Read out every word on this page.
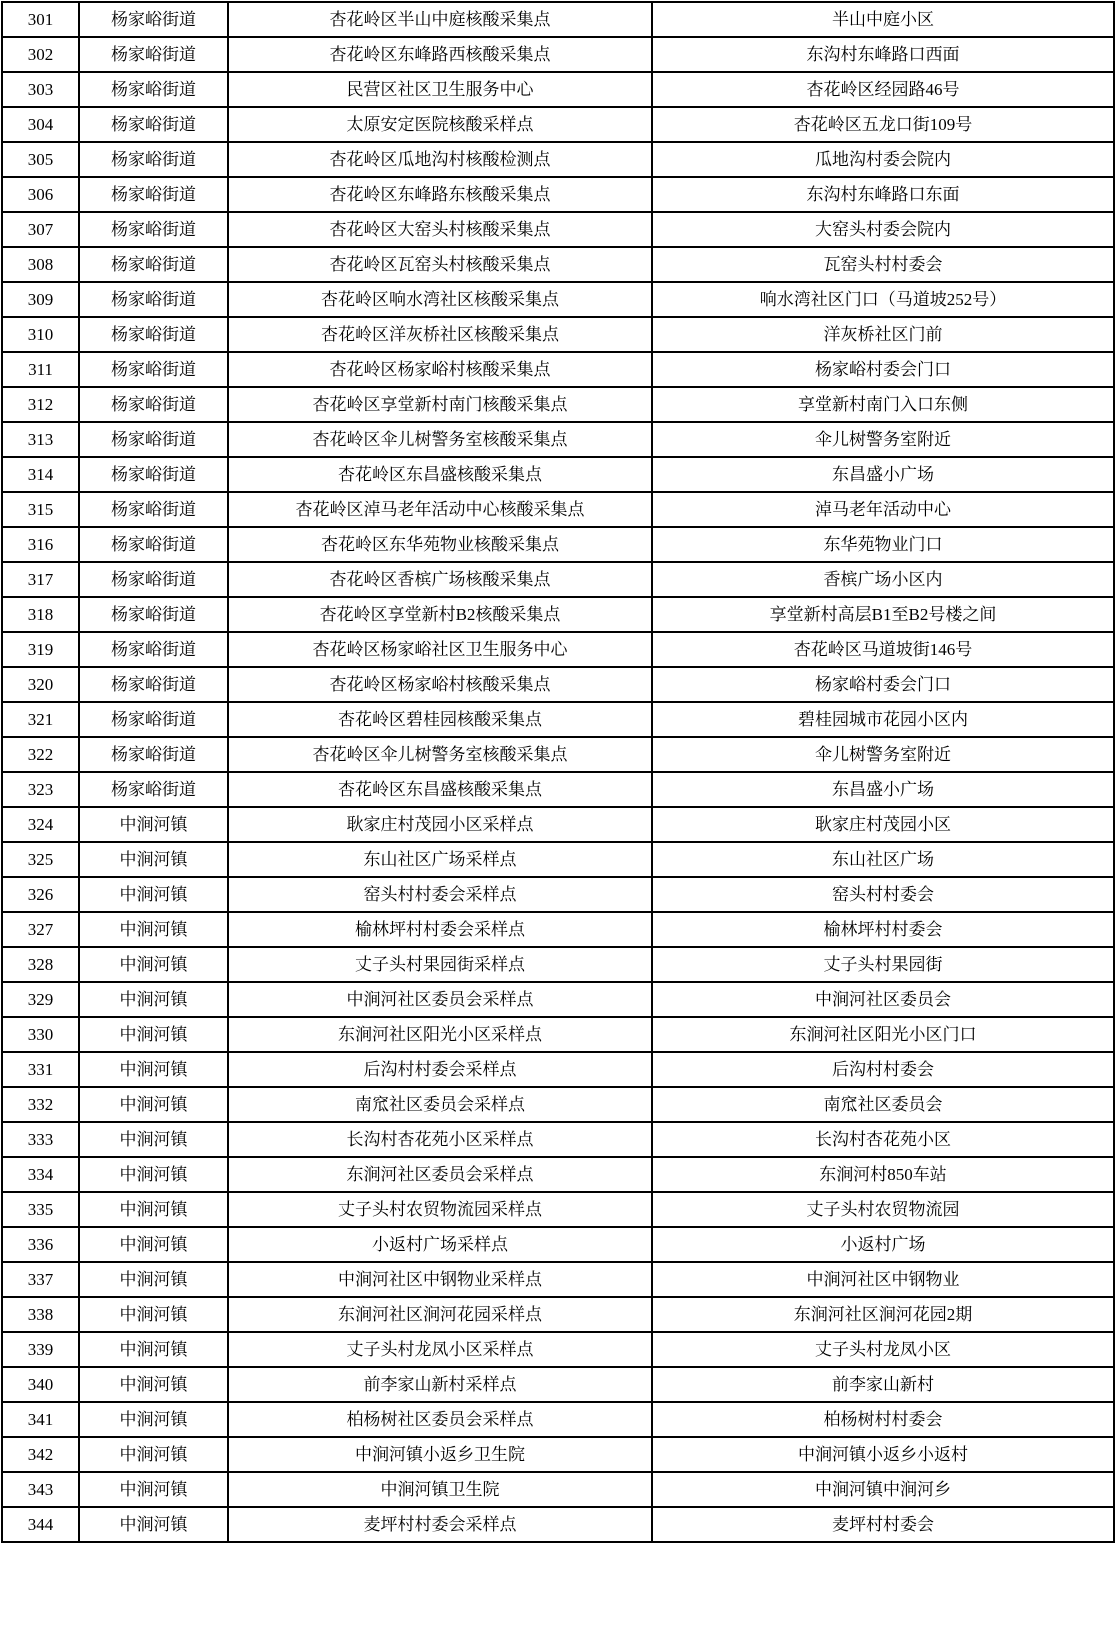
301	杨家峪街道	杏花岭区半山中庭核酸采集点	半山中庭小区
302	杨家峪街道	杏花岭区东峰路西核酸采集点	东沟村东峰路口西面
303	杨家峪街道	民营区社区卫生服务中心	杏花岭区经园路46号
304	杨家峪街道	太原安定医院核酸采样点	杏花岭区五龙口街109号
305	杨家峪街道	杏花岭区瓜地沟村核酸检测点	瓜地沟村委会院内
306	杨家峪街道	杏花岭区东峰路东核酸采集点	东沟村东峰路口东面
307	杨家峪街道	杏花岭区大窑头村核酸采集点	大窑头村委会院内
308	杨家峪街道	杏花岭区瓦窑头村核酸采集点	瓦窑头村村委会
309	杨家峪街道	杏花岭区响水湾社区核酸采集点	响水湾社区门口（马道坡252号）
310	杨家峪街道	杏花岭区洋灰桥社区核酸采集点	洋灰桥社区门前
311	杨家峪街道	杏花岭区杨家峪村核酸采集点	杨家峪村委会门口
312	杨家峪街道	杏花岭区享堂新村南门核酸采集点	享堂新村南门入口东侧
313	杨家峪街道	杏花岭区伞儿树警务室核酸采集点	伞儿树警务室附近
314	杨家峪街道	杏花岭区东昌盛核酸采集点	东昌盛小广场
315	杨家峪街道	杏花岭区淖马老年活动中心核酸采集点	淖马老年活动中心
316	杨家峪街道	杏花岭区东华苑物业核酸采集点	东华苑物业门口
317	杨家峪街道	杏花岭区香槟广场核酸采集点	香槟广场小区内
318	杨家峪街道	杏花岭区享堂新村B2核酸采集点	享堂新村高层B1至B2号楼之间
319	杨家峪街道	杏花岭区杨家峪社区卫生服务中心	杏花岭区马道坡街146号
320	杨家峪街道	杏花岭区杨家峪村核酸采集点	杨家峪村委会门口
321	杨家峪街道	杏花岭区碧桂园核酸采集点	碧桂园城市花园小区内
322	杨家峪街道	杏花岭区伞儿树警务室核酸采集点	伞儿树警务室附近
323	杨家峪街道	杏花岭区东昌盛核酸采集点	东昌盛小广场
324	中涧河镇	耿家庄村茂园小区采样点	耿家庄村茂园小区
325	中涧河镇	东山社区广场采样点	东山社区广场
326	中涧河镇	窑头村村委会采样点	窑头村村委会
327	中涧河镇	榆林坪村村委会采样点	榆林坪村村委会
328	中涧河镇	丈子头村果园街采样点	丈子头村果园街
329	中涧河镇	中涧河社区委员会采样点	中涧河社区委员会
330	中涧河镇	东涧河社区阳光小区采样点	东涧河社区阳光小区门口
331	中涧河镇	后沟村村委会采样点	后沟村村委会
332	中涧河镇	南窊社区委员会采样点	南窊社区委员会
333	中涧河镇	长沟村杏花苑小区采样点	长沟村杏花苑小区
334	中涧河镇	东涧河社区委员会采样点	东涧河村850车站
335	中涧河镇	丈子头村农贸物流园采样点	丈子头村农贸物流园
336	中涧河镇	小返村广场采样点	小返村广场
337	中涧河镇	中涧河社区中钢物业采样点	中涧河社区中钢物业
338	中涧河镇	东涧河社区涧河花园采样点	东涧河社区涧河花园2期
339	中涧河镇	丈子头村龙凤小区采样点	丈子头村龙凤小区
340	中涧河镇	前李家山新村采样点	前李家山新村
341	中涧河镇	柏杨树社区委员会采样点	柏杨树村村委会
342	中涧河镇	中涧河镇小返乡卫生院	中涧河镇小返乡小返村
343	中涧河镇	中涧河镇卫生院	中涧河镇中涧河乡
344	中涧河镇	麦坪村村委会采样点	麦坪村村委会
